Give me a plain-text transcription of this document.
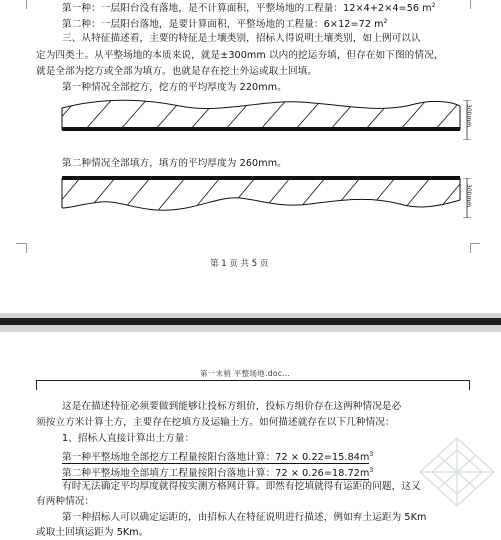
第一种：一层阳台没有落地，是不计算面积，平整场地的工程量：12×4+2×4=56 $m^2$
第二种：一层阳台落地，是要计算面积，平整场地的工程量：6×12=72 $m^2$
三、从特征描述看，主要的特征是土壤类别，招标人得说明土壤类别，如上例可以认
定为四类土。从平整场地的本质来说，就是±300mm 以内的挖运夯填，但存在如下图的情况，
就是全部为挖方或全部为填方。也就是存在挖土外运或取土回填。
第一种情况全部挖方，挖方的平均厚度为 220mm。
300mm
第二种情况全部填方，填方的平均厚度为 260mm。
300mm
第 1 页 共 5 页
第一末梢 平整场地.doc...
这是在描述特征必须要做到能够让投标方组价，投标方组价存在这两种情况是必
须按立方米计算土方，主要存在挖填方及运输土方。如何描述就存在以下几种情况：
1、招标人直接计算出土方量：
第一种平整场地全部挖方工程量按阳台落地计算：$72 \times 0.22=15.84m^3$
第二种平整场地全部填方工程量按阳台落地计算：$72 \times 0.26=18.72m^3$
有时无法确定平均厚度就得按实测方格网计算。即然有挖填就得有运距的问题，这又
有两种情况：
第一种招标人可以确定运距的，由招标人在特征说明进行描述，例如弃土运距为 5Km
或取土回填运距为 5Km。
